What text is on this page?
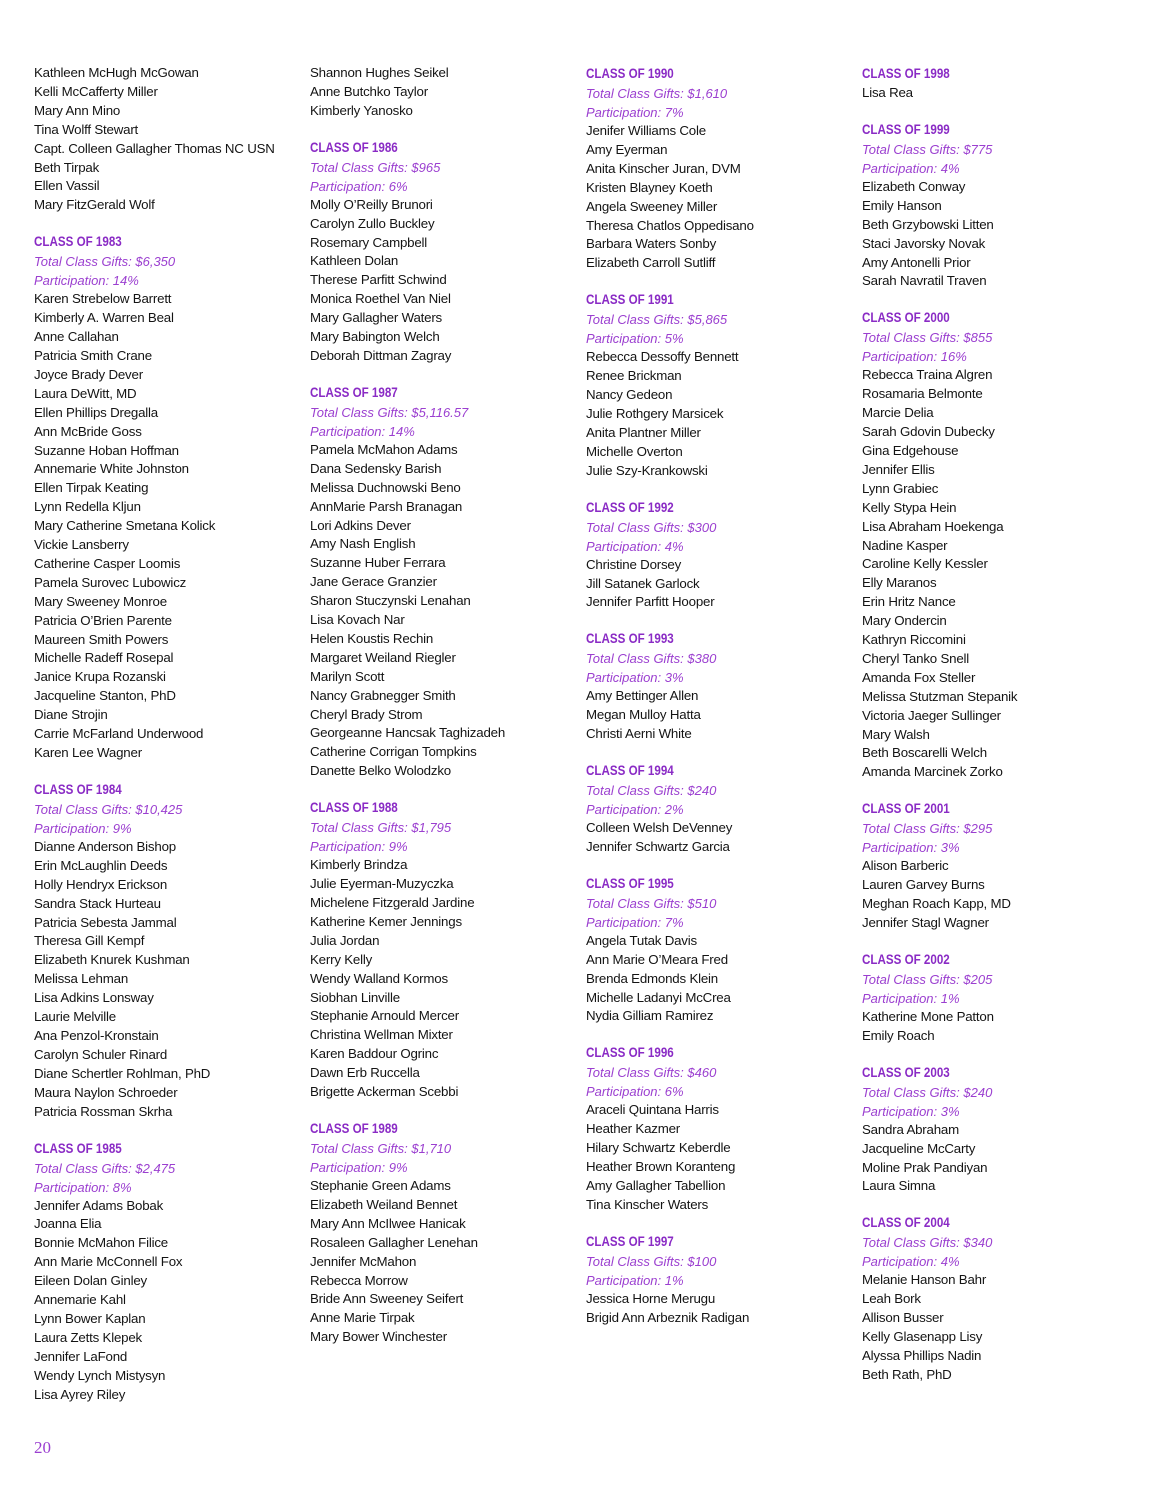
Kathleen McHugh McGowan
Kelli McCafferty Miller
Mary Ann Mino
Tina Wolff Stewart
Capt. Colleen Gallagher Thomas NC USN
Beth Tirpak
Ellen Vassil
Mary FitzGerald Wolf
CLASS OF 1983
Total Class Gifts: $6,350
Participation: 14%
Karen Strebelow Barrett
Kimberly A. Warren Beal
Anne Callahan
Patricia Smith Crane
Joyce Brady Dever
Laura DeWitt, MD
Ellen Phillips Dregalla
Ann McBride Goss
Suzanne Hoban Hoffman
Annemarie White Johnston
Ellen Tirpak Keating
Lynn Redella Kljun
Mary Catherine Smetana Kolick
Vickie Lansberry
Catherine Casper Loomis
Pamela Surovec Lubowicz
Mary Sweeney Monroe
Patricia O’Brien Parente
Maureen Smith Powers
Michelle Radeff Rosepal
Janice Krupa Rozanski
Jacqueline Stanton, PhD
Diane Strojin
Carrie McFarland Underwood
Karen Lee Wagner
CLASS OF 1984
Total Class Gifts: $10,425
Participation: 9%
Dianne Anderson Bishop
Erin McLaughlin Deeds
Holly Hendryx Erickson
Sandra Stack Hurteau
Patricia Sebesta Jammal
Theresa Gill Kempf
Elizabeth Knurek Kushman
Melissa Lehman
Lisa Adkins Lonsway
Laurie Melville
Ana Penzol-Kronstain
Carolyn Schuler Rinard
Diane Schertler Rohlman, PhD
Maura Naylon Schroeder
Patricia Rossman Skrha
CLASS OF 1985
Total Class Gifts: $2,475
Participation: 8%
Jennifer Adams Bobak
Joanna Elia
Bonnie McMahon Filice
Ann Marie McConnell Fox
Eileen Dolan Ginley
Annemarie Kahl
Lynn Bower Kaplan
Laura Zetts Klepek
Jennifer LaFond
Wendy Lynch Mistysyn
Lisa Ayrey Riley
Shannon Hughes Seikel
Anne Butchko Taylor
Kimberly Yanosko
CLASS OF 1986
Total Class Gifts: $965
Participation: 6%
Molly O’Reilly Brunori
Carolyn Zullo Buckley
Rosemary Campbell
Kathleen Dolan
Therese Parfitt Schwind
Monica Roethel Van Niel
Mary Gallagher Waters
Mary Babington Welch
Deborah Dittman Zagray
CLASS OF 1987
Total Class Gifts: $5,116.57
Participation: 14%
Pamela McMahon Adams
Dana Sedensky Barish
Melissa Duchnowski Beno
AnnMarie Parsh Branagan
Lori Adkins Dever
Amy Nash English
Suzanne Huber Ferrara
Jane Gerace Granzier
Sharon Stuczynski Lenahan
Lisa Kovach Nar
Helen Koustis Rechin
Margaret Weiland Riegler
Marilyn Scott
Nancy Grabnegger Smith
Cheryl Brady Strom
Georgeanne Hancsak Taghizadeh
Catherine Corrigan Tompkins
Danette Belko Wolodzko
CLASS OF 1988
Total Class Gifts: $1,795
Participation: 9%
Kimberly Brindza
Julie Eyerman-Muzyczka
Michelene Fitzgerald Jardine
Katherine Kemer Jennings
Julia Jordan
Kerry Kelly
Wendy Walland Kormos
Siobhan Linville
Stephanie Arnould Mercer
Christina Wellman Mixter
Karen Baddour Ogrinc
Dawn Erb Ruccella
Brigette Ackerman Scebbi
CLASS OF 1989
Total Class Gifts: $1,710
Participation: 9%
Stephanie Green Adams
Elizabeth Weiland Bennet
Mary Ann McIlwee Hanicak
Rosaleen Gallagher Lenehan
Jennifer McMahon
Rebecca Morrow
Bride Ann Sweeney Seifert
Anne Marie Tirpak
Mary Bower Winchester
CLASS OF 1990
Total Class Gifts: $1,610
Participation: 7%
Jenifer Williams Cole
Amy Eyerman
Anita Kinscher Juran, DVM
Kristen Blayney Koeth
Angela Sweeney Miller
Theresa Chatlos Oppedisano
Barbara Waters Sonby
Elizabeth Carroll Sutliff
CLASS OF 1991
Total Class Gifts: $5,865
Participation: 5%
Rebecca Dessoffy Bennett
Renee Brickman
Nancy Gedeon
Julie Rothgery Marsicek
Anita Plantner Miller
Michelle Overton
Julie Szy-Krankowski
CLASS OF 1992
Total Class Gifts: $300
Participation: 4%
Christine Dorsey
Jill Satanek Garlock
Jennifer Parfitt Hooper
CLASS OF 1993
Total Class Gifts: $380
Participation: 3%
Amy Bettinger Allen
Megan Mulloy Hatta
Christi Aerni White
CLASS OF 1994
Total Class Gifts: $240
Participation: 2%
Colleen Welsh DeVenney
Jennifer Schwartz Garcia
CLASS OF 1995
Total Class Gifts: $510
Participation: 7%
Angela Tutak Davis
Ann Marie O’Meara Fred
Brenda Edmonds Klein
Michelle Ladanyi McCrea
Nydia Gilliam Ramirez
CLASS OF 1996
Total Class Gifts: $460
Participation: 6%
Araceli Quintana Harris
Heather Kazmer
Hilary Schwartz Keberdle
Heather Brown Koranteng
Amy Gallagher Tabellion
Tina Kinscher Waters
CLASS OF 1997
Total Class Gifts: $100
Participation: 1%
Jessica Horne Merugu
Brigid Ann Arbeznik Radigan
CLASS OF 1998
Lisa Rea
CLASS OF 1999
Total Class Gifts: $775
Participation: 4%
Elizabeth Conway
Emily Hanson
Beth Grzybowski Litten
Staci Javorsky Novak
Amy Antonelli Prior
Sarah Navratil Traven
CLASS OF 2000
Total Class Gifts: $855
Participation: 16%
Rebecca Traina Algren
Rosamaria Belmonte
Marcie Delia
Sarah Gdovin Dubecky
Gina Edgehouse
Jennifer Ellis
Lynn Grabiec
Kelly Stypa Hein
Lisa Abraham Hoekenga
Nadine Kasper
Caroline Kelly Kessler
Elly Maranos
Erin Hritz Nance
Mary Ondercin
Kathryn Riccomini
Cheryl Tanko Snell
Amanda Fox Steller
Melissa Stutzman Stepanik
Victoria Jaeger Sullinger
Mary Walsh
Beth Boscarelli Welch
Amanda Marcinek Zorko
CLASS OF 2001
Total Class Gifts: $295
Participation: 3%
Alison Barberic
Lauren Garvey Burns
Meghan Roach Kapp, MD
Jennifer Stagl Wagner
CLASS OF 2002
Total Class Gifts: $205
Participation: 1%
Katherine Mone Patton
Emily Roach
CLASS OF 2003
Total Class Gifts: $240
Participation: 3%
Sandra Abraham
Jacqueline McCarty
Moline Prak Pandiyan
Laura Simna
CLASS OF 2004
Total Class Gifts: $340
Participation: 4%
Melanie Hanson Bahr
Leah Bork
Allison Busser
Kelly Glasenapp Lisy
Alyssa Phillips Nadin
Beth Rath, PhD
20
